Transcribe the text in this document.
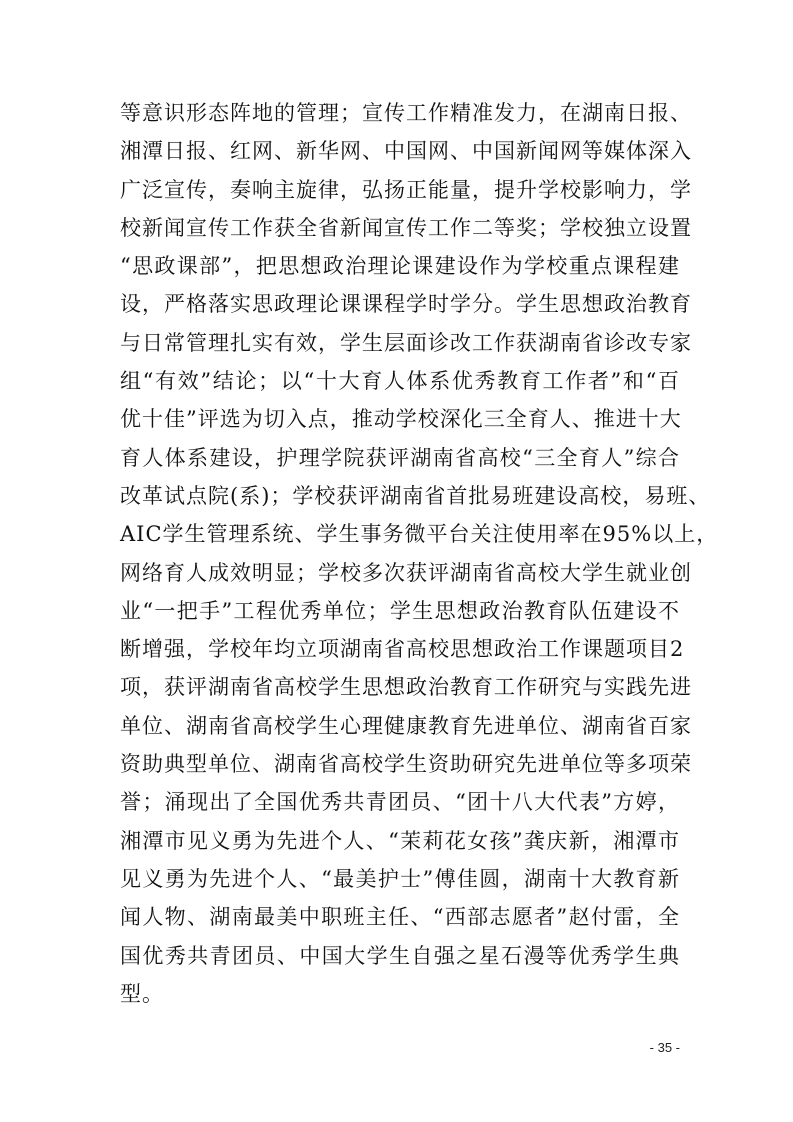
等意识形态阵地的管理；宣传工作精准发力，在湖南日报、
湘潭日报、红网、新华网、中国网、中国新闻网等媒体深入
广泛宣传，奏响主旋律，弘扬正能量，提升学校影响力，学
校新闻宣传工作获全省新闻宣传工作二等奖；学校独立设置
“思政课部”，把思想政治理论课建设作为学校重点课程建
设，严格落实思政理论课课程学时学分。学生思想政治教育
与日常管理扎实有效，学生层面诊改工作获湖南省诊改专家
组“有效”结论；以“十大育人体系优秀教育工作者”和“百
优十佳”评选为切入点，推动学校深化三全育人、推进十大
育人体系建设，护理学院获评湖南省高校“三全育人”综合
改革试点院(系)；学校获评湖南省首批易班建设高校，易班、
AIC学生管理系统、学生事务微平台关注使用率在95%以上，
网络育人成效明显；学校多次获评湖南省高校大学生就业创
业“一把手”工程优秀单位；学生思想政治教育队伍建设不
断增强，学校年均立项湖南省高校思想政治工作课题项目2
项，获评湖南省高校学生思想政治教育工作研究与实践先进
单位、湖南省高校学生心理健康教育先进单位、湖南省百家
资助典型单位、湖南省高校学生资助研究先进单位等多项荣
誉；涌现出了全国优秀共青团员、“团十八大代表”方婷，
湘潭市见义勇为先进个人、“茉莉花女孩”龚庆新，湘潭市
见义勇为先进个人、“最美护士”傅佳圆，湖南十大教育新
闻人物、湖南最美中职班主任、“西部志愿者”赵付雷，全
国优秀共青团员、中国大学生自强之星石漫等优秀学生典
型。
- 35 -
